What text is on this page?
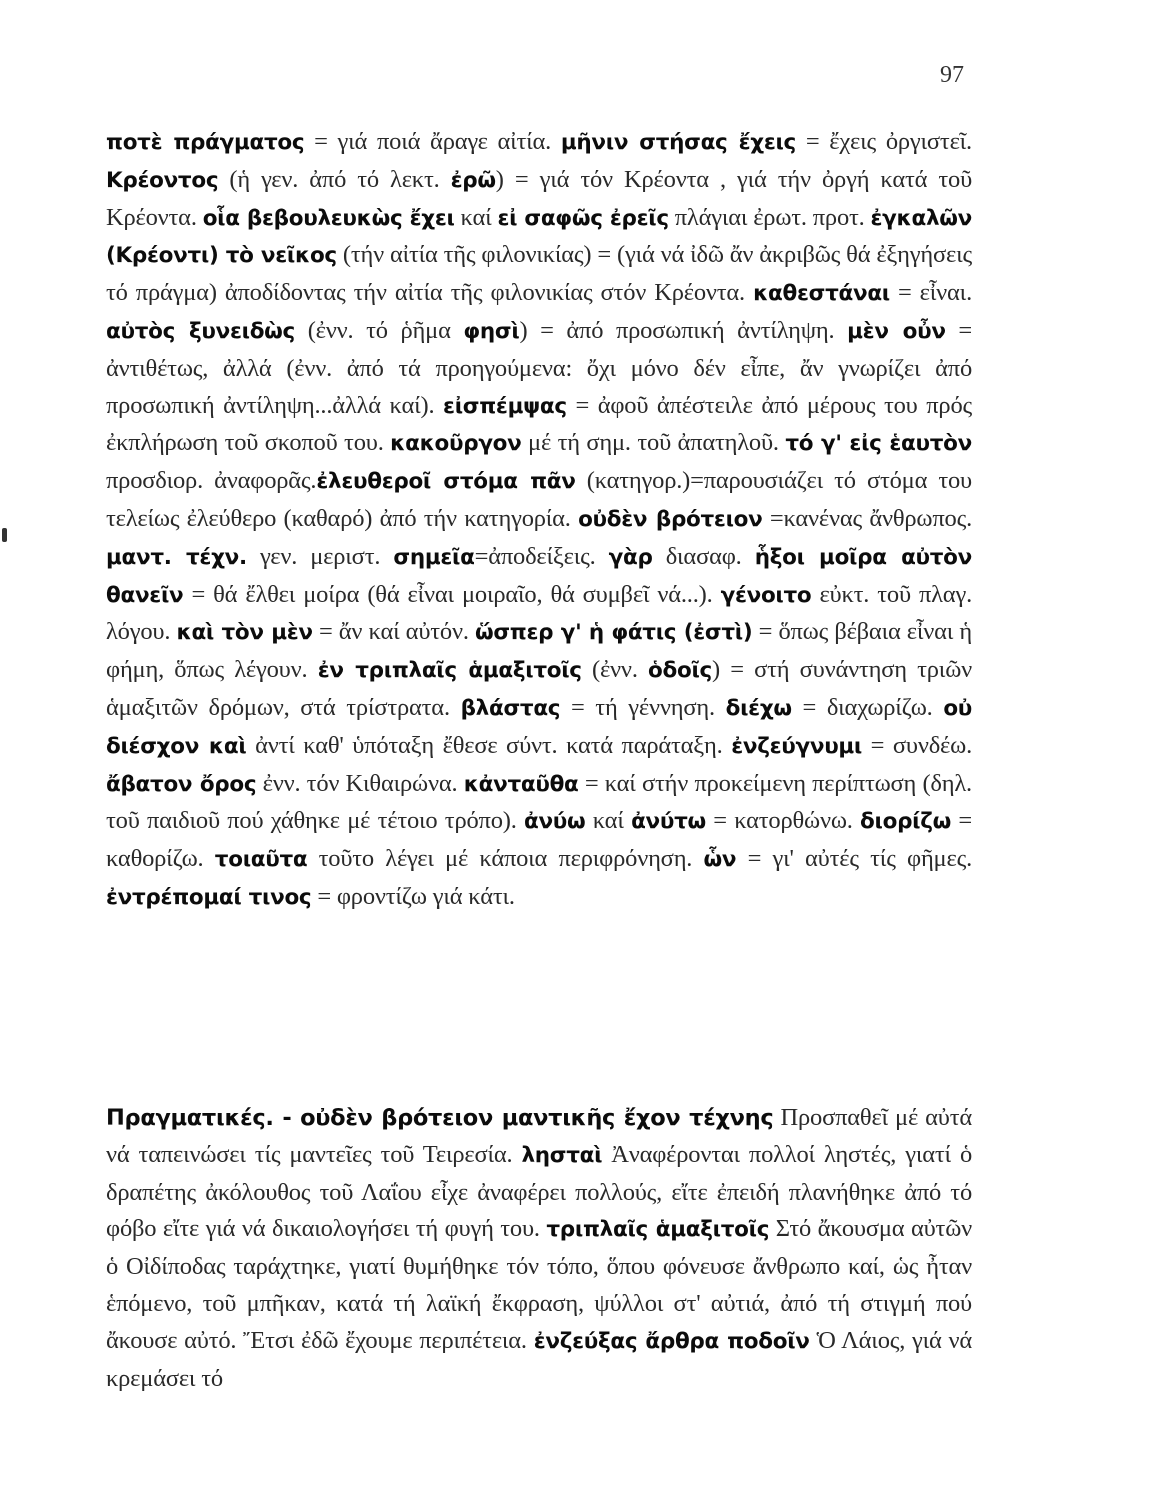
97
ποτὲ πράγματος = γιά ποιά ἄραγε αἰτία. μῆνιν στήσας ἔχεις = ἔχεις ὀργιστεῖ. Κρέοντος (ἡ γεν. ἀπό τό λεκτ. ἐρῶ) = γιά τόν Κρέοντα , γιά τήν ὀργή κατά τοῦ Κρέοντα. οἷα βεβουλευκὼς ἔχει καί εἰ σαφῶς ἐρεῖς πλάγιαι ἐρωτ. προτ. ἐγκαλῶν (Κρέοντι) τὸ νεῖκος (τήν αἰτία τῆς φιλονικίας) = (γιά νά ἰδῶ ἄν ἀκριβῶς θά ἐξηγήσεις τό πράγμα) ἀποδίδοντας τήν αἰτία τῆς φιλονικίας στόν Κρέοντα. καθεστάναι = εἶναι. αὐτὸς ξυνειδὼς (ἐνν. τό ῥῆμα φησὶ) = ἀπό προσωπική ἀντίληψη. μὲν οὖν = ἀντιθέτως, ἀλλά (ἐνν. ἀπό τά προηγούμενα: ὄχι μόνο δέν εἶπε, ἄν γνωρίζει ἀπό προσωπική ἀντίληψη...ἀλλά καί). εἰσπέμψας = ἀφοῦ ἀπέστειλε ἀπό μέρους του πρός ἐκπλήρωση τοῦ σκοποῦ του. κακοῦργον μέ τή σημ. τοῦ ἀπατηλοῦ. τό γ' εἰς ἑαυτὸν προσδιορ. ἀναφορᾶς.ἐλευθεροῖ στόμα πᾶν (κατηγορ.)=παρουσιάζει τό στόμα του τελείως ἐλεύθερο (καθαρό) ἀπό τήν κατηγορία. οὐδὲν βρότειον =κανένας ἄνθρωπος. μαντ. τέχν. γεν. μεριστ. σημεῖα=ἀποδείξεις. γὰρ διασαφ. ἧξοι μοῖρα αὐτὸν θανεῖν = θά ἔλθει μοίρα (θά εἶναι μοιραῖο, θά συμβεῖ νά...). γένοιτο εὐκτ. τοῦ πλαγ. λόγου. καὶ τὸν μὲν = ἄν καί αὐτόν. ὥσπερ γ' ἡ φάτις (ἐστὶ) = ὅπως βέβαια εἶναι ἡ φήμη, ὅπως λέγουν. ἐν τριπλαῖς ἁμαξιτοῖς (ἐνν. ὁδοῖς) = στή συνάντηση τριῶν ἁμαξιτῶν δρόμων, στά τρίστρατα. βλάστας = τή γέννηση. διέχω = διαχωρίζω. οὐ διέσχον καὶ ἀντί καθ' ὑπόταξη ἔθεσε σύντ. κατά παράταξη. ἐνζεύγνυμι = συνδέω. ἄβατον ὄρος ἐνν. τόν Κιθαιρώνα. κἀνταῦθα = καί στήν προκείμενη περίπτωση (δηλ. τοῦ παιδιοῦ πού χάθηκε μέ τέτοιο τρόπο). ἀνύω καί ἀνύτω = κατορθώνω. διορίζω = καθορίζω. τοιαῦτα τοῦτο λέγει μέ κάποια περιφρόνηση. ὧν = γι' αὐτές τίς φῆμες. ἐντρέπομαί τινος = φροντίζω γιά κάτι.
Πραγματικές. - οὐδὲν βρότειον μαντικῆς ἔχον τέχνης Προσπαθεῖ μέ αὐτά νά ταπεινώσει τίς μαντεῖες τοῦ Τειρεσία. λησταὶ Ἀναφέρονται πολλοί ληστές, γιατί ὁ δραπέτης ἀκόλουθος τοῦ Λαΐου εἶχε ἀναφέρει πολλούς, εἴτε ἐπειδή πλανήθηκε ἀπό τό φόβο εἴτε γιά νά δικαιολογήσει τή φυγή του. τριπλαῖς ἁμαξιτοῖς Στό ἄκουσμα αὐτῶν ὁ Οἰδίποδας ταράχτηκε, γιατί θυμήθηκε τόν τόπο, ὅπου φόνευσε ἄνθρωπο καί, ὡς ἦταν ἑπόμενο, τοῦ μπῆκαν, κατά τή λαϊκή ἔκφραση, ψύλλοι στ' αὐτιά, ἀπό τή στιγμή πού ἄκουσε αὐτό. Ἔτσι ἐδῶ ἔχουμε περιπέτεια. ἐνζεύξας ἄρθρα ποδοῖν Ὁ Λάιος, γιά νά κρεμάσει τό
